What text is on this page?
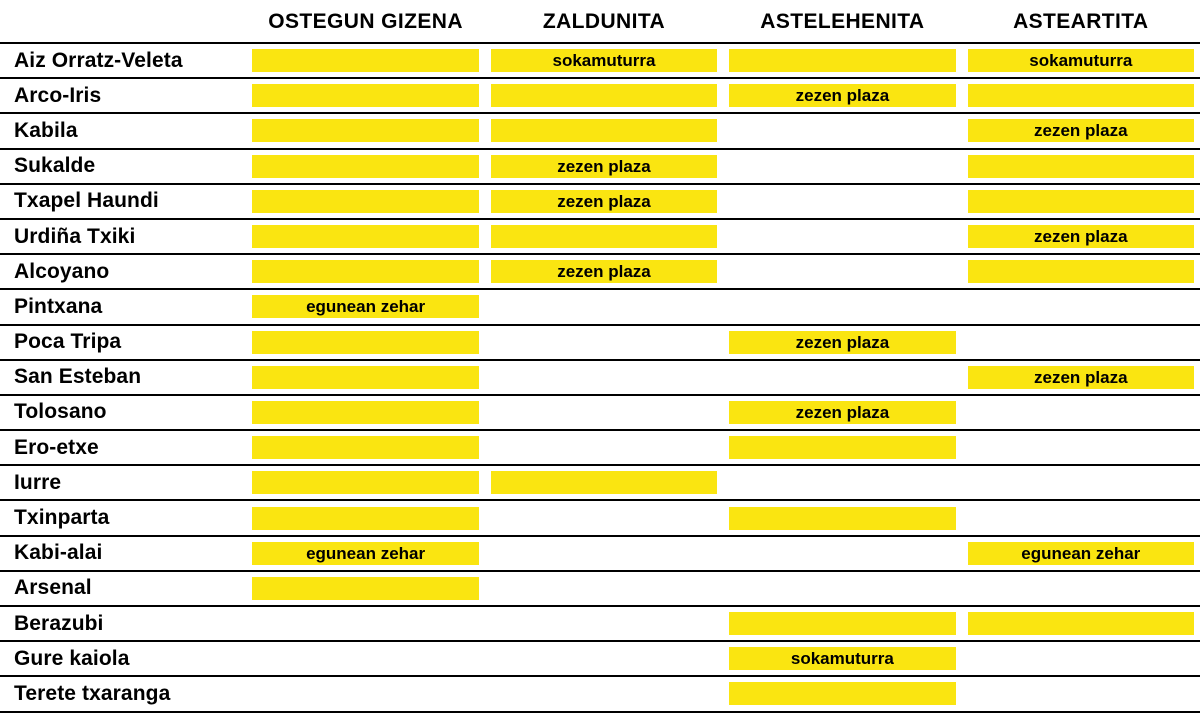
	OSTEGUN GIZENA	ZALDUNITA	ASTELEHENITA	ASTEARTITA
Aiz Orratz-Veleta		sokamuturra		sokamuturra

Arco-Iris			zezen plaza	

Kabila				zezen plaza

Sukalde		zezen plaza		

Txapel Haundi		zezen plaza		

Urdiña Txiki				zezen plaza

Alcoyano		zezen plaza		

Pintxana	egunean zehar			

Poca Tripa			zezen plaza	

San Esteban				zezen plaza

Tolosano			zezen plaza	

Ero-etxe	

Iurre	

Txinparta	

Kabi-alai	egunean zehar			egunean zehar

Arsenal	

Berazubi	

Gure kaiola			sokamuturra	

Terete txaranga	
